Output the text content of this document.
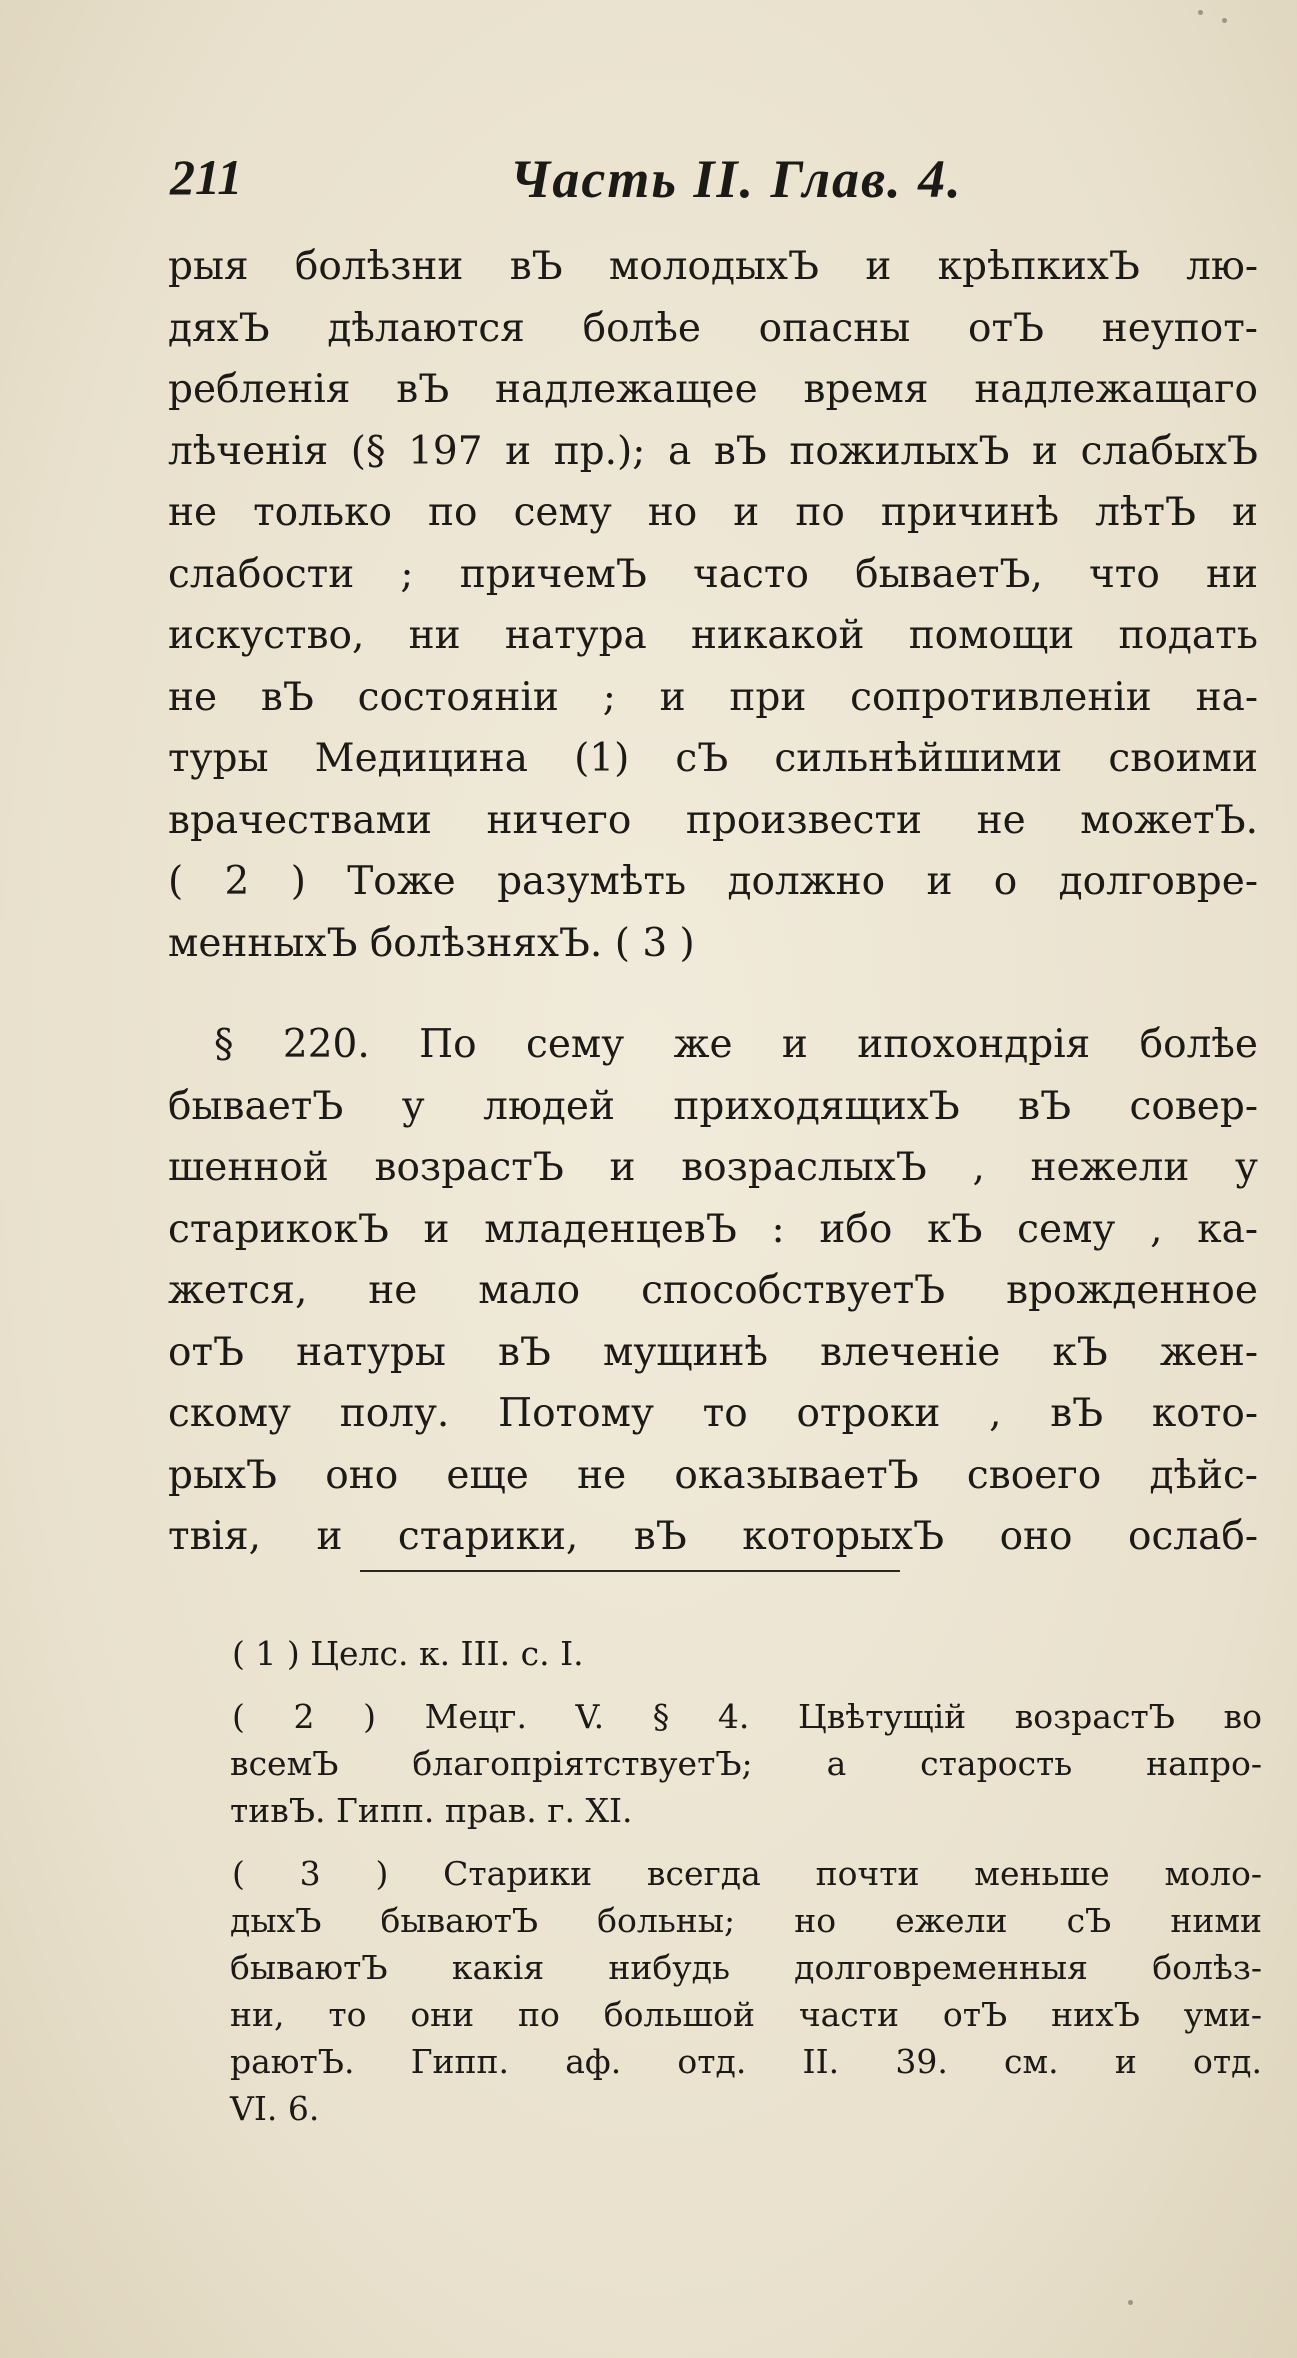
211	Часть II. Глав. 4.
рыя болѣзни вЪ молодыхЪ и крѣпкихЪ лю-
дяхЪ дѣлаются болѣе опасны отЪ неупот-
ребленія вЪ надлежащее время надлежащаго
лѣченія (§ 197 и пр.); а вЪ пожилыхЪ и слабыхЪ
не только по сему но и по причинѣ лѣтЪ и
слабости ; причемЪ часто бываетЪ, что ни
искуство, ни натура никакой помощи подать
не вЪ состояніи ; и при сопротивленіи на-
туры Медицина (1) сЪ сильнѣйшими своими
врачествами ничего произвести не можетЪ.
( 2 ) Тоже разумѣть должно и о долговре-
менныхЪ болѣзняхЪ. ( 3 )
§ 220. По сему же и ипохондрія болѣе
бываетЪ у людей приходящихЪ вЪ совер-
шенной возрастЪ и возраслыхЪ , нежели у
старикокЪ и младенцевЪ : ибо кЪ сему , ка-
жется, не мало способствуетЪ врожденное
отЪ натуры вЪ мущинѣ влеченіе кЪ жен-
скому полу. Потому то отроки , вЪ кото-
рыхЪ оно еще не оказываетЪ своего дѣйс-
твія, и старики, вЪ которыхЪ оно ослаб-
( 1 ) Целс. к. III. с. I.
( 2 ) Мецг. V. § 4. Цвѣтущій возрастЪ во
всемЪ благопріятствуетЪ; а старость напро-
тивЪ. Гипп. прав. г. XI.
( 3 ) Старики всегда почти меньше моло-
дыхЪ бываютЪ больны; но ежели сЪ ними
бываютЪ какія нибудь долговременныя болѣз-
ни, то они по большой части отЪ нихЪ уми-
раютЪ. Гипп. аф. отд. II. 39. см. и отд.
VI. 6.
